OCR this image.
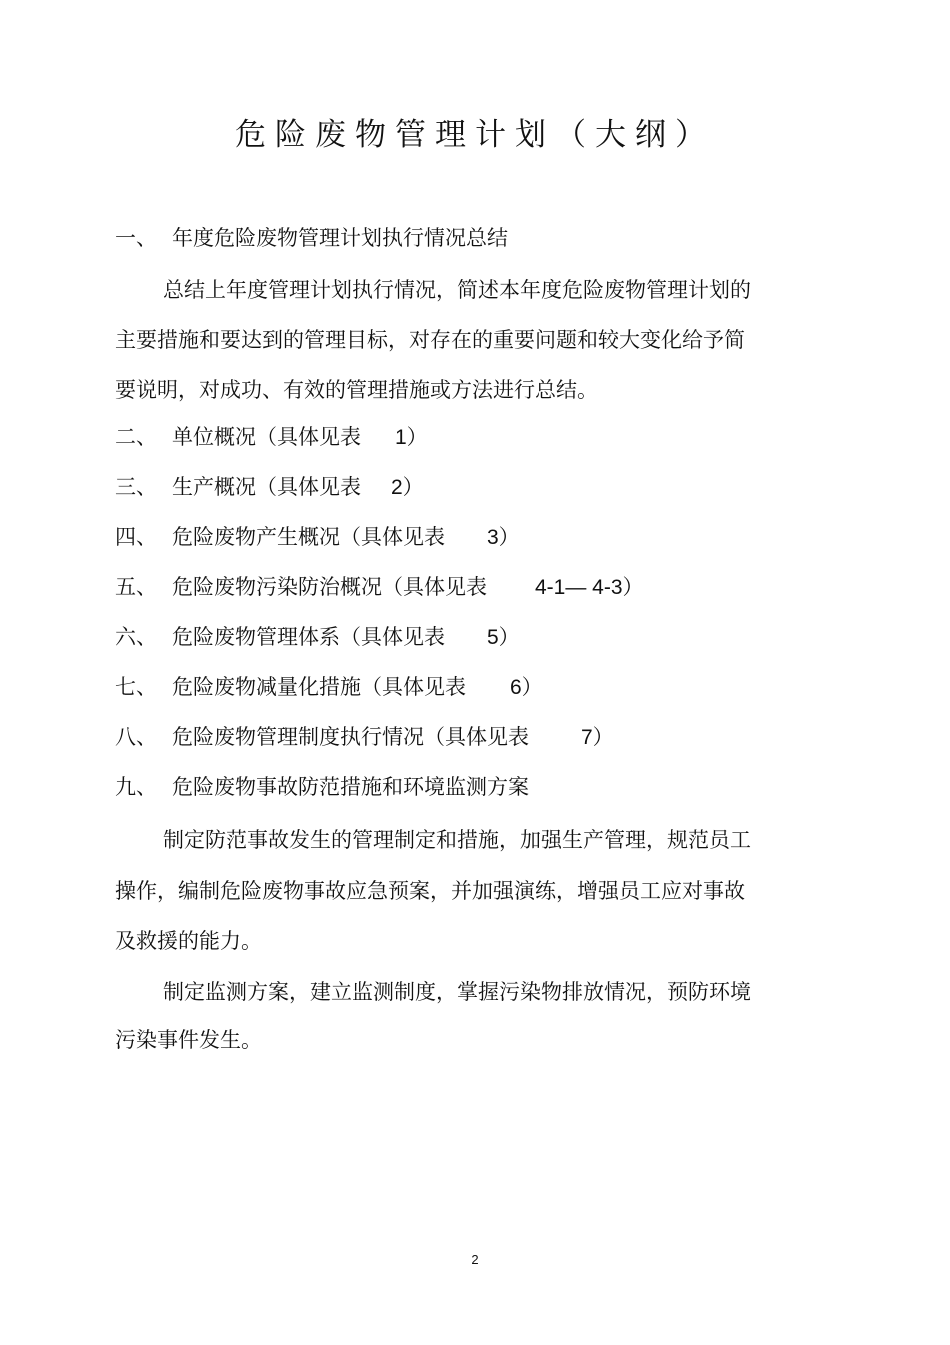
危险废物管理计划（大纲）
一、 年度危险废物管理计划执行情况总结
总结上年度管理计划执行情况，简述本年度危险废物管理计划的
主要措施和要达到的管理目标，对存在的重要问题和较大变化给予简
要说明，对成功、有效的管理措施或方法进行总结。
二、 单位概况（具体见表 1）
三、 生产概况（具体见表 2）
四、 危险废物产生概况（具体见表 3）
五、 危险废物污染防治概况（具体见表 4-1— 4-3）
六、 危险废物管理体系（具体见表 5）
七、 危险废物减量化措施（具体见表 6）
八、 危险废物管理制度执行情况（具体见表 7）
九、 危险废物事故防范措施和环境监测方案
制定防范事故发生的管理制定和措施，加强生产管理，规范员工
操作，编制危险废物事故应急预案，并加强演练，增强员工应对事故
及救援的能力。
制定监测方案，建立监测制度，掌握污染物排放情况，预防环境
污染事件发生。
2
